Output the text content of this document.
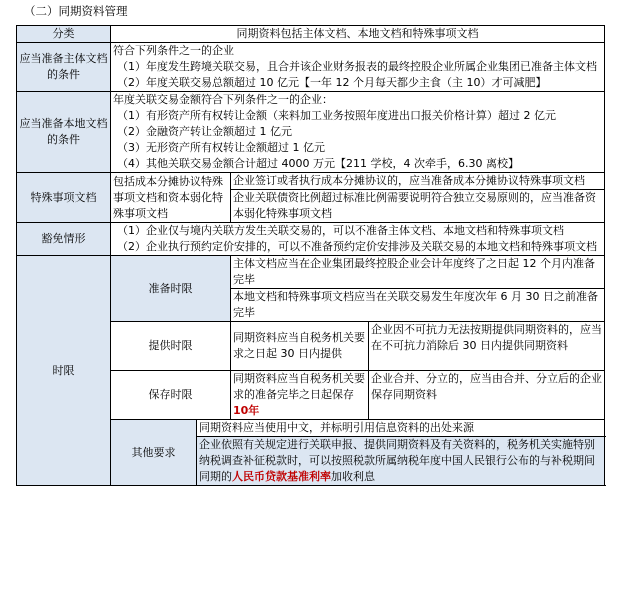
（二）同期资料管理
分类	同期资料包括主体文档、本地文档和特殊事项文档			
应当准备主体文档的条件	符合下列条件之一的企业
（1）年度发生跨境关联交易，且合并该企业财务报表的最终控股企业所属企业集团已准备主体文档
（2）年度关联交易总额超过 10 亿元【一年 12 个月每天都少主食（主 10）才可减肥】			

应当准备本地文档的条件	年度关联交易金额符合下列条件之一的企业：
（1）有形资产所有权转让金额（来料加工业务按照年度进出口报关价格计算）超过 2 亿元
（2）金融资产转让金额超过 1 亿元
（3）无形资产所有权转让金额超过 1 亿元
（4）其他关联交易金额合计超过 4000 万元【211 学校，4 次牵手，6.30 离校】			

特殊事项文档	包括成本分摊协议特殊事项文档和资本弱化特殊事项文档		企业签订或者执行成本分摊协议的，应当准备成本分摊协议特殊事项文档	
			企业关联债资比例超过标准比例需要说明符合独立交易原则的，应当准备资本弱化特殊事项文档	
豁免情形	（1）企业仅与境内关联方发生关联交易的，可以不准备主体文档、本地文档和特殊事项文档
（2）企业执行预约定价安排的，可以不准备预约定价安排涉及关联交易的本地文档和特殊事项文档			

时限	准备时限		主体文档应当在企业集团最终控股企业会计年度终了之日起 12 个月内准备完毕	
			本地文档和特殊事项文档应当在关联交易发生年度次年 6 月 30 日之前准备完毕	
	提供时限		同期资料应当自税务机关要求之日起 30 日内提供	企业因不可抗力无法按期提供同期资料的，应当在不可抗力消除后 30 日内提供同期资料
	保存时限		同期资料应当自税务机关要求的准备完毕之日起保存 10年	企业合并、分立的，应当由合并、分立后的企业保存同期资料
	其他要求	同期资料应当使用中文，并标明引用信息资料的出处来源		
		企业依照有关规定进行关联申报、提供同期资料及有关资料的，税务机关实施特别纳税调查补征税款时，可以按照税款所属纳税年度中国人民银行公布的与补税期间同期的人民币贷款基准利率加收利息		
